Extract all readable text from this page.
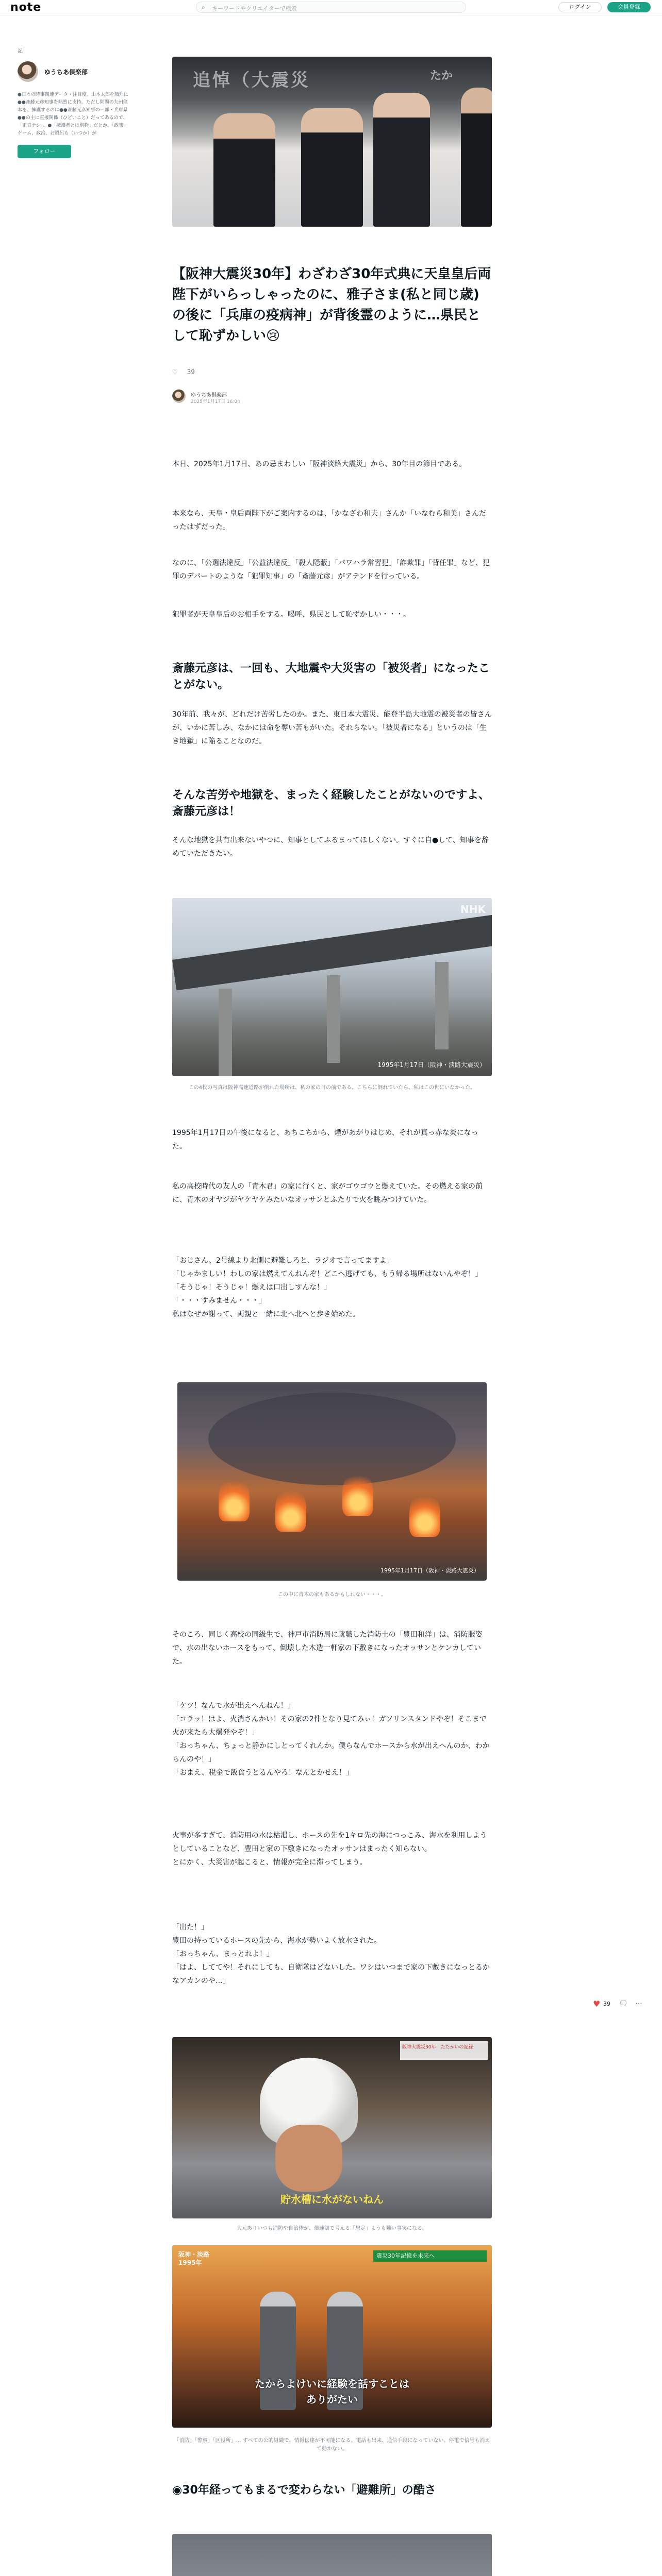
note	⌕ キーワードやクリエイターで検索	ログイン	会員登録
記
ゆうちあ倶楽部
●日々の時事関連データ・注目度。山本太郎を熱烈に●●斎藤元彦知事を熱烈に支持。ただし問題の九州熊本を、擁護するのは●●斎藤元彦知事の一部・兵庫県●●の主に直接関係（ひどいこと）だってあるので、「正直ナシ」、●「擁護者とは別物」だとか。「政策」ゲーム、政治、お風呂も（いつか）が
フォロー
追悼（大震災	たか
【阪神大震災30年】わざわざ30年式典に天皇皇后両陛下がいらっしゃったのに、雅子さま(私と同じ歳)の後に「兵庫の疫病神」が背後霊のように…県民として恥ずかしい😢
♡ 39
ゆうちあ倶楽部
2025年1月17日 16:04

本日、2025年1月17日、あの忌まわしい「阪神淡路大震災」から、30年目の節目である。

本来なら、天皇・皇后両陛下がご案内するのは、「かなざわ和夫」さんか「いなむら和美」さんだったはずだった。

なのに、「公選法違反」「公益法違反」「殺人隠蔽」「パワハラ常習犯」「詐欺罪」「背任罪」など、犯罪のデパートのような「犯罪知事」の「斎藤元彦」がアテンドを行っている。

犯罪者が天皇皇后のお相手をする。喝呼、県民として恥ずかしい・・・。

斎藤元彦は、一回も、大地震や大災害の「被災者」になったことがない。

30年前、我々が、どれだけ苦労したのか。また、東日本大震災、能登半島大地震の被災者の皆さんが、いかに苦しみ、なかには命を奪い苦もがいた。それらない。「被災者になる」というのは「生き地獄」に陥ることなのだ。

そんな苦労や地獄を、まったく経験したことがないのですよ、斎藤元彦は！

そんな地獄を共有出来ないやつに、知事としてふるまってほしくない。すぐに自●して、知事を辞めていただきたい。

NHK
1995年1月17日（阪神・淡路大震災）

この4枚の写真は阪神高速道路が倒れた場所は、私の家の目の前である。こちらに倒れていたら、私はこの世にいなかった。

1995年1月17日の午後になると、あちこちから、煙があがりはじめ、それが真っ赤な炎になった。

私の高校時代の友人の「青木君」の家に行くと、家がゴウゴウと燃えていた。その燃える家の前に、青木のオヤジがヤケヤケみたいなオッサンとふたりで火を眺みつけていた。

「おじさん、2号線より北側に避難しろと、ラジオで言ってますよ」
「じゃかましい！わしの家は燃えてんねんぞ！どこへ逃げても、もう帰る場所はないんやぞ！」
「そうじゃ！そうじゃ！燃えは口出しすんな！」
「・・・すみません・・・」
私はなぜか謝って、両親と一緒に北へ北へと歩き始めた。

1995年1月17日（阪神・淡路大震災）

この中に青木の家もあるかもしれない・・・。

そのころ、同じく高校の同級生で、神戸市消防局に就職した消防士の「豊田和洋」は、消防服姿で、水の出ないホースをもって、倒壊した木造一軒家の下敷きになったオッサンとケンカしていた。

「ケツ！なんで水が出えへんねん！」
「コラッ！はよ、火消さんかい！その家の2件となり見てみぃ！ガソリンスタンドやぞ！そこまで火が来たら大爆発やぞ！」
「おっちゃん、ちょっと静かにしとってくれんか。僕らなんでホースから水が出えへんのか、わからんのや！」
「おまえ、税金で飯食うとるんやろ！なんとかせえ！」

火事が多すぎて、消防用の水は枯渇し、ホースの先を1キロ先の海につっこみ、海水を利用しようとしていることなど、豊田と家の下敷きになったオッサンはまったく知らない。
とにかく、大災害が起こると、情報が完全に滞ってしまう。

「出た！」
豊田の持っているホースの先から、海水が勢いよく放水された。
「おっちゃん、まっとれよ！」
「はよ、しててや！それにしても、自衛隊はどないした。ワシはいつまで家の下敷きになっとるかなアカンのや…」

阪神大震災30年　たたかいの記録
貯水槽に水がないねん

大元ありいつも消防や自治体が、倍速訓で考える「想定」ようも難い事実になる。

阪神・淡路
1995年
震災30年記憶を未来へ
たからよけいに経験を話すことは
ありがたい

「消防」「警察」「区役所」… すべての公的組織で、情報伝達が不可能になる。電話も出来、通信手段になっていない。停電で信号も消えて動かない。

◉30年経ってもまるで変わらない「避難所」の酷さ

♥ 39 🗨 ⋯
